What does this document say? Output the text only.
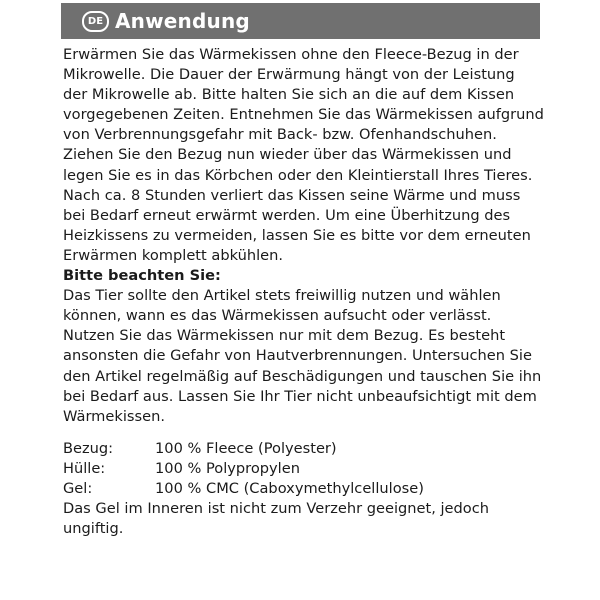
DE Anwendung

Erwärmen Sie das Wärmekissen ohne den Fleece-Bezug in der
Mikrowelle. Die Dauer der Erwärmung hängt von der Leistung
der Mikrowelle ab. Bitte halten Sie sich an die auf dem Kissen
vorgegebenen Zeiten. Entnehmen Sie das Wärmekissen aufgrund
von Verbrennungsgefahr mit Back- bzw. Ofenhandschuhen.
Ziehen Sie den Bezug nun wieder über das Wärmekissen und
legen Sie es in das Körbchen oder den Kleintierstall Ihres Tieres.
Nach ca. 8 Stunden verliert das Kissen seine Wärme und muss
bei Bedarf erneut erwärmt werden. Um eine Überhitzung des
Heizkissens zu vermeiden, lassen Sie es bitte vor dem erneuten
Erwärmen komplett abkühlen.

Bitte beachten Sie:

Das Tier sollte den Artikel stets freiwillig nutzen und wählen
können, wann es das Wärmekissen aufsucht oder verlässt.
Nutzen Sie das Wärmekissen nur mit dem Bezug. Es besteht
ansonsten die Gefahr von Hautverbrennungen. Untersuchen Sie
den Artikel regelmäßig auf Beschädigungen und tauschen Sie ihn
bei Bedarf aus. Lassen Sie Ihr Tier nicht unbeaufsichtigt mit dem
Wärmekissen.

Bezug:	100 % Fleece (Polyester)
Hülle:	100 % Polypropylen
Gel:	100 % CMC (Caboxymethylcellulose)

Das Gel im Inneren ist nicht zum Verzehr geeignet, jedoch
ungiftig.
